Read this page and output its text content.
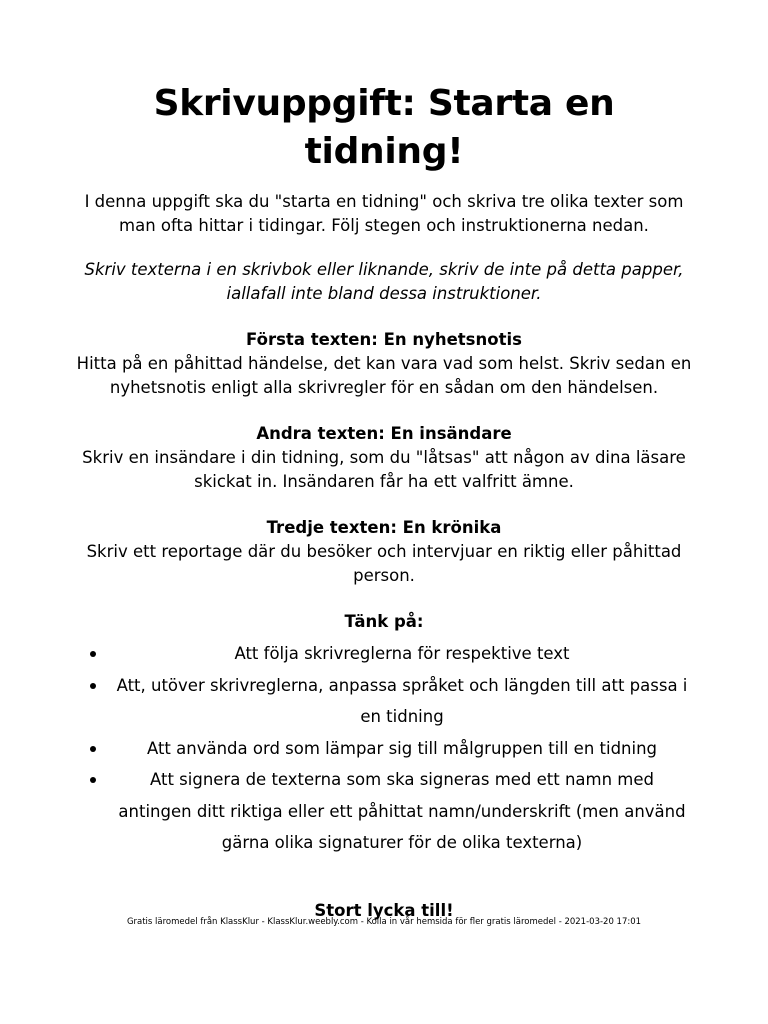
Skrivuppgift: Starta en tidning!

I denna uppgift ska du "starta en tidning" och skriva tre olika texter som man ofta hittar i tidingar. Följ stegen och instruktionerna nedan.

Skriv texterna i en skrivbok eller liknande, skriv de inte på detta papper, iallafall inte bland dessa instruktioner.

Första texten: En nyhetsnotis

Hitta på en påhittad händelse, det kan vara vad som helst. Skriv sedan en nyhetsnotis enligt alla skrivregler för en sådan om den händelsen.

Andra texten: En insändare

Skriv en insändare i din tidning, som du "låtsas" att någon av dina läsare skickat in. Insändaren får ha ett valfritt ämne.

Tredje texten: En krönika

Skriv ett reportage där du besöker och intervjuar en riktig eller påhittad person.

Tänk på:

Att följa skrivreglerna för respektive text
Att, utöver skrivreglerna, anpassa språket och längden till att passa i en tidning
Att använda ord som lämpar sig till målgruppen till en tidning
Att signera de texterna som ska signeras med ett namn med antingen ditt riktiga eller ett påhittat namn/underskrift (men använd gärna olika signaturer för de olika texterna)

Stort lycka till!

Gratis läromedel från KlassKlur - KlassKlur.weebly.com - Kolla in vår hemsida för fler gratis läromedel - 2021-03-20 17:01
